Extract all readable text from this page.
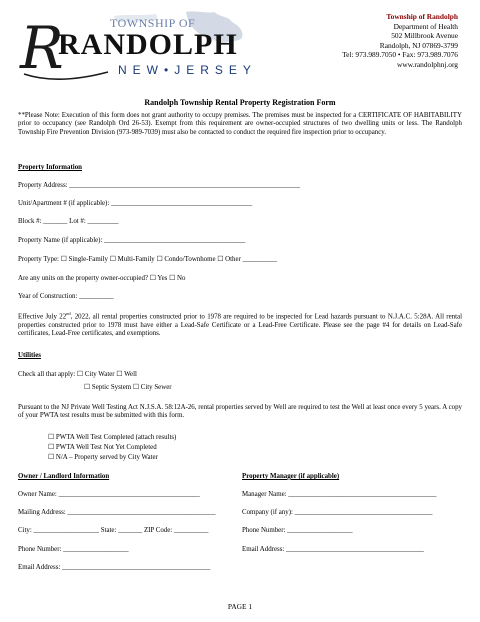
R	TOWNSHIP OF
RANDOLPH
NEW•JERSEY
Township of Randolph
Department of Health
502 Millbrook Avenue
Randolph, NJ 07869-3799
Tel: 973.989.7050 • Fax: 973.989.7076
www.randolphnj.org
Randolph Township Rental Property Registration Form
**Please Note: Execution of this form does not grant authority to occupy premises. The premises must be inspected for a CERTIFICATE OF HABITABILITY prior to occupancy (see Randolph Ord 26-53). Exempt from this requirement are owner-occupied structures of two dwelling units or less. The Randolph Township Fire Prevention Division (973-989-7039) must also be contacted to conduct the required fire inspection prior to occupancy.
Property Information
Property Address: ___________________________________________________________________
Unit/Apartment # (if applicable): _________________________________________
Block #: _______ Lot #: _________
Property Name (if applicable): _________________________________________
Property Type: ☐ Single-Family ☐ Multi-Family ☐ Condo/Townhome ☐ Other __________
Are any units on the property owner-occupied? ☐ Yes ☐ No
Year of Construction: __________
Effective July 22nd, 2022, all rental properties constructed prior to 1978 are required to be inspected for Lead hazards pursuant to N.J.A.C. 5:28A. All rental properties constructed prior to 1978 must have either a Lead-Safe Certificate or a Lead-Free Certificate. Please see the page #4 for details on Lead-Safe certificates, Lead-Free certificates, and exemptions.
Utilities
Check all that apply: ☐ City Water ☐ Well
☐ Septic System ☐ City Sewer
Pursuant to the NJ Private Well Testing Act N.J.S.A. 58:12A-26, rental properties served by Well are required to test the Well at least once every 5 years. A copy of your PWTA test results must be submitted with this form.
☐ PWTA Well Test Completed (attach results)
☐ PWTA Well Test Not Yet Completed
☐ N/A – Property served by City Water
Owner / Landlord Information	Property Manager (if applicable)
Owner Name: _________________________________________	Manager Name: ___________________________________________
Mailing Address: ___________________________________________	Company (if any): ________________________________________
City: ___________________ State: _______ ZIP Code: __________	Phone Number: ___________________
Phone Number: ___________________	Email Address: ________________________________________
Email Address: ___________________________________________
PAGE 1
